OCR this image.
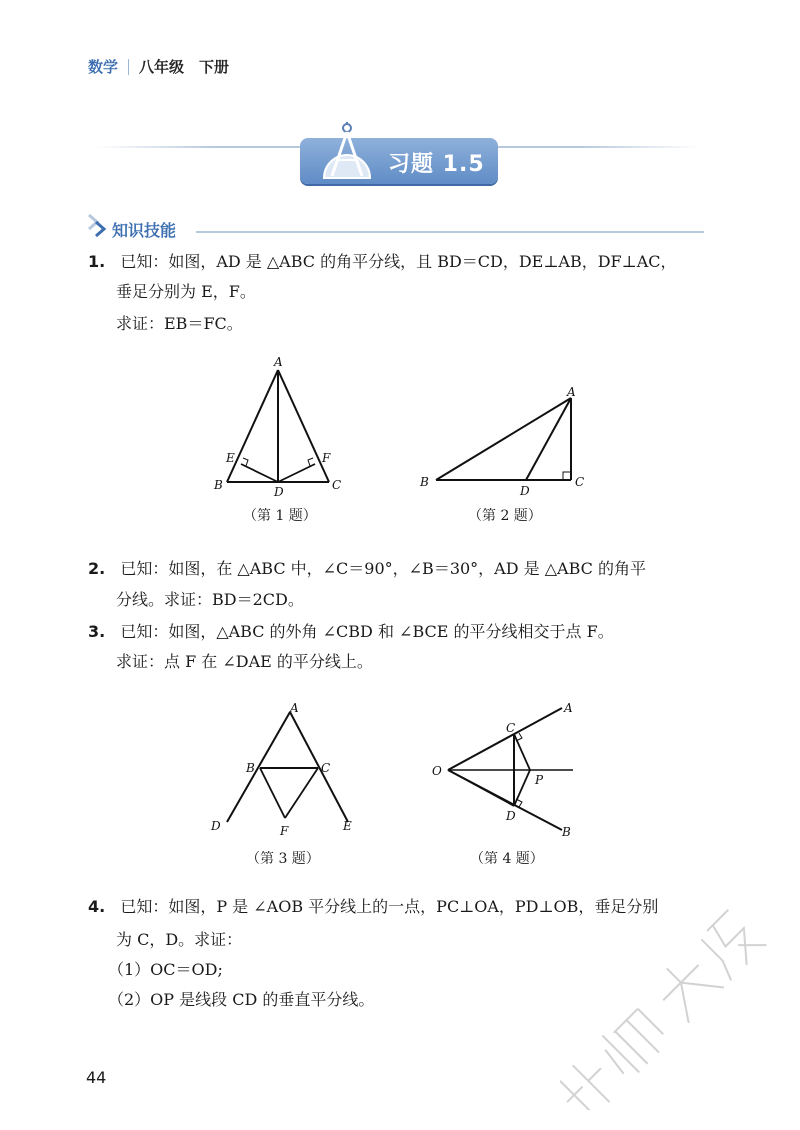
数学 八年级　下册
习题 1.5
知识技能
1. 已知：如图，AD 是 △ABC 的角平分线，且 BD＝CD，DE⊥AB，DF⊥AC，
垂足分别为 E，F。
求证：EB＝FC。
A
B	C
D
E	F
（第 1 题）
A
B	C
D
（第 2 题）
2. 已知：如图，在 △ABC 中，∠C＝90°，∠B＝30°，AD 是 △ABC 的角平
分线。求证：BD＝2CD。
3. 已知：如图，△ABC 的外角 ∠CBD 和 ∠BCE 的平分线相交于点 F。
求证：点 F 在 ∠DAE 的平分线上。
A
B	C
D	E
F
（第 3 题）
A
B
C
D
O
P
（第 4 题）
4. 已知：如图，P 是 ∠AOB 平分线上的一点，PC⊥OA，PD⊥OB，垂足分别
为 C，D。求证：
（1）OC＝OD;
（2）OP 是线段 CD 的垂直平分线。
44
